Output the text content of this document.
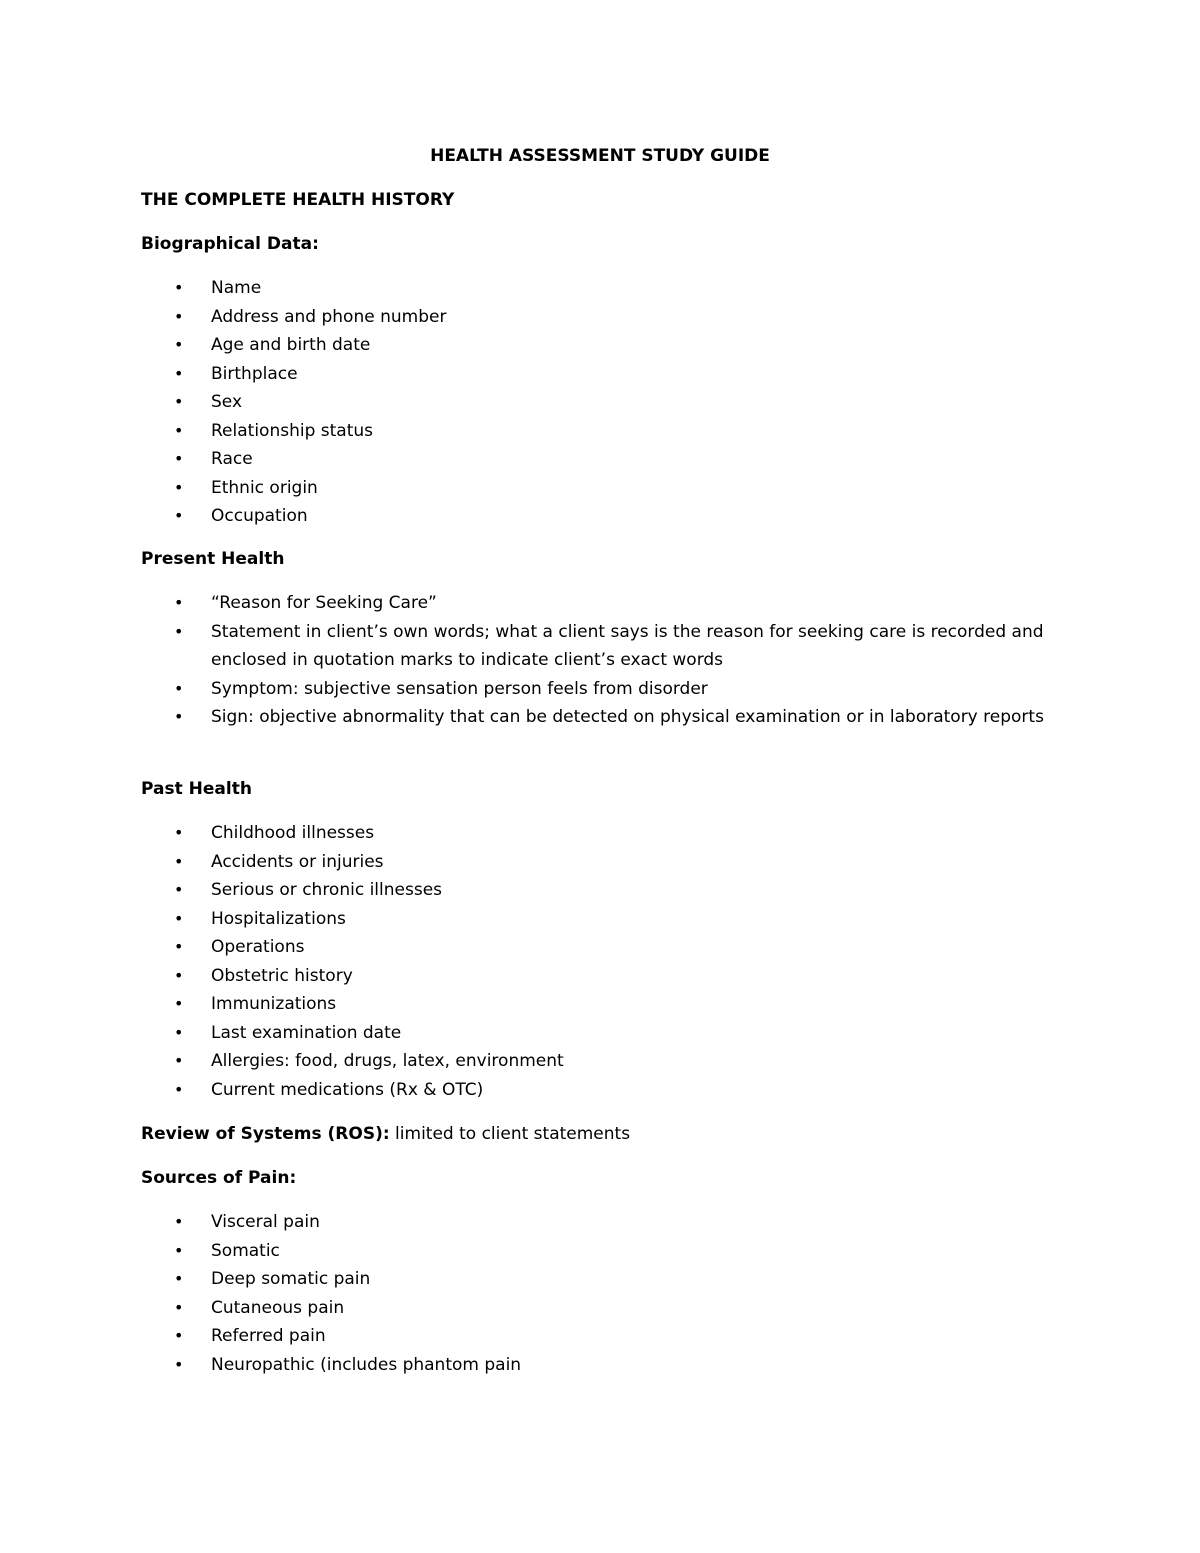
HEALTH ASSESSMENT STUDY GUIDE
THE COMPLETE HEALTH HISTORY
Biographical Data:
• Name
• Address and phone number
• Age and birth date
• Birthplace
• Sex
• Relationship status
• Race
• Ethnic origin
• Occupation
Present Health
• “Reason for Seeking Care”
• Statement in client’s own words; what a client says is the reason for seeking care is recorded and enclosed in quotation marks to indicate client’s exact words
• Symptom: subjective sensation person feels from disorder
• Sign: objective abnormality that can be detected on physical examination or in laboratory reports
Past Health
• Childhood illnesses
• Accidents or injuries
• Serious or chronic illnesses
• Hospitalizations
• Operations
• Obstetric history
• Immunizations
• Last examination date
• Allergies: food, drugs, latex, environment
• Current medications (Rx & OTC)
Review of Systems (ROS): limited to client statements
Sources of Pain:
• Visceral pain
• Somatic
• Deep somatic pain
• Cutaneous pain
• Referred pain
• Neuropathic (includes phantom pain
